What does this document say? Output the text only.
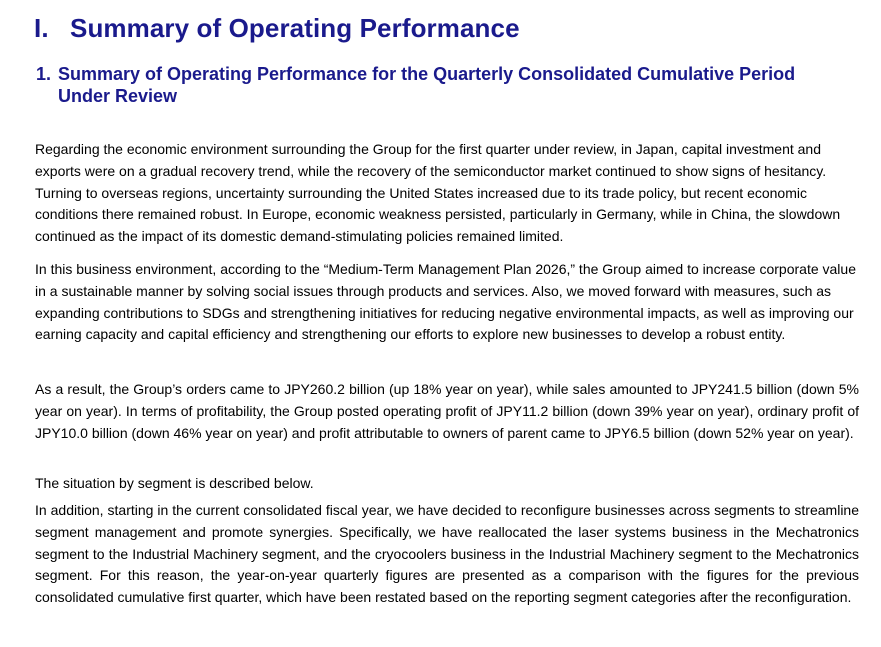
I. Summary of Operating Performance
1. Summary of Operating Performance for the Quarterly Consolidated Cumulative Period Under Review

Regarding the economic environment surrounding the Group for the first quarter under review, in Japan, capital investment and exports were on a gradual recovery trend, while the recovery of the semiconductor market continued to show signs of hesitancy. Turning to overseas regions, uncertainty surrounding the United States increased due to its trade policy, but recent economic conditions there remained robust. In Europe, economic weakness persisted, particularly in Germany, while in China, the slowdown continued as the impact of its domestic demand-stimulating policies remained limited.

In this business environment, according to the “Medium-Term Management Plan 2026,” the Group aimed to increase corporate value in a sustainable manner by solving social issues through products and services. Also, we moved forward with measures, such as expanding contributions to SDGs and strengthening initiatives for reducing negative environmental impacts, as well as improving our earning capacity and capital efficiency and strengthening our efforts to explore new businesses to develop a robust entity.

As a result, the Group’s orders came to JPY260.2 billion (up 18% year on year), while sales amounted to JPY241.5 billion (down 5% year on year). In terms of profitability, the Group posted operating profit of JPY11.2 billion (down 39% year on year), ordinary profit of JPY10.0 billion (down 46% year on year) and profit attributable to owners of parent came to JPY6.5 billion (down 52% year on year).

The situation by segment is described below.

In addition, starting in the current consolidated fiscal year, we have decided to reconfigure businesses across segments to streamline segment management and promote synergies. Specifically, we have reallocated the laser systems business in the Mechatronics segment to the Industrial Machinery segment, and the cryocoolers business in the Industrial Machinery segment to the Mechatronics segment. For this reason, the year-on-year quarterly figures are presented as a comparison with the figures for the previous consolidated cumulative first quarter, which have been restated based on the reporting segment categories after the reconfiguration.
